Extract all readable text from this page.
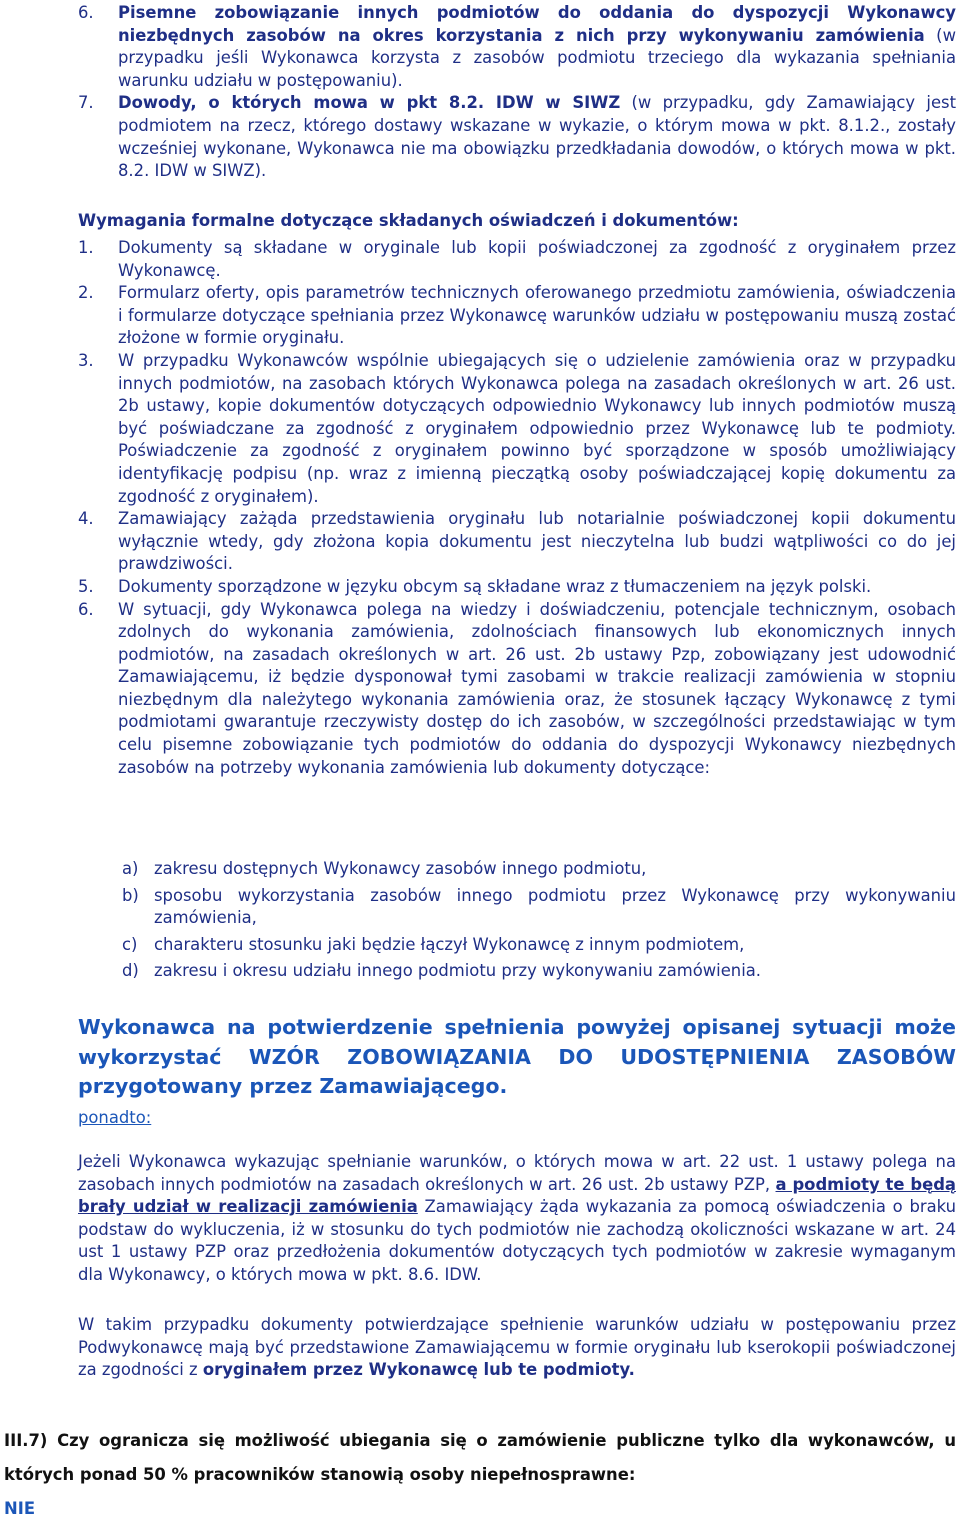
6. Pisemne zobowiązanie innych podmiotów do oddania do dyspozycji Wykonawcy niezbędnych zasobów na okres korzystania z nich przy wykonywaniu zamówienia (w przypadku jeśli Wykonawca korzysta z zasobów podmiotu trzeciego dla wykazania spełniania warunku udziału w postępowaniu).
7. Dowody, o których mowa w pkt 8.2. IDW w SIWZ (w przypadku, gdy Zamawiający jest podmiotem na rzecz, którego dostawy wskazane w wykazie, o którym mowa w pkt. 8.1.2., zostały wcześniej wykonane, Wykonawca nie ma obowiązku przedkładania dowodów, o których mowa w pkt. 8.2. IDW w SIWZ).
Wymagania formalne dotyczące składanych oświadczeń i dokumentów:
1. Dokumenty są składane w oryginale lub kopii poświadczonej za zgodność z oryginałem przez Wykonawcę.
2. Formularz oferty, opis parametrów technicznych oferowanego przedmiotu zamówienia, oświadczenia i formularze dotyczące spełniania przez Wykonawcę warunków udziału w postępowaniu muszą zostać złożone w formie oryginału.
3. W przypadku Wykonawców wspólnie ubiegających się o udzielenie zamówienia oraz w przypadku innych podmiotów, na zasobach których Wykonawca polega na zasadach określonych w art. 26 ust. 2b ustawy, kopie dokumentów dotyczących odpowiednio Wykonawcy lub innych podmiotów muszą być poświadczane za zgodność z oryginałem odpowiednio przez Wykonawcę lub te podmioty. Poświadczenie za zgodność z oryginałem powinno być sporządzone w sposób umożliwiający identyfikację podpisu (np. wraz z imienną pieczątką osoby poświadczającej kopię dokumentu za zgodność z oryginałem).
4. Zamawiający zażąda przedstawienia oryginału lub notarialnie poświadczonej kopii dokumentu wyłącznie wtedy, gdy złożona kopia dokumentu jest nieczytelna lub budzi wątpliwości co do jej prawdziwości.
5. Dokumenty sporządzone w języku obcym są składane wraz z tłumaczeniem na język polski.
6. W sytuacji, gdy Wykonawca polega na wiedzy i doświadczeniu, potencjale technicznym, osobach zdolnych do wykonania zamówienia, zdolnościach finansowych lub ekonomicznych innych podmiotów, na zasadach określonych w art. 26 ust. 2b ustawy Pzp, zobowiązany jest udowodnić Zamawiającemu, iż będzie dysponował tymi zasobami w trakcie realizacji zamówienia w stopniu niezbędnym dla należytego wykonania zamówienia oraz, że stosunek łączący Wykonawcę z tymi podmiotami gwarantuje rzeczywisty dostęp do ich zasobów, w szczególności przedstawiając w tym celu pisemne zobowiązanie tych podmiotów do oddania do dyspozycji Wykonawcy niezbędnych zasobów na potrzeby wykonania zamówienia lub dokumenty dotyczące:
a) zakresu dostępnych Wykonawcy zasobów innego podmiotu,
b) sposobu wykorzystania zasobów innego podmiotu przez Wykonawcę przy wykonywaniu zamówienia,
c) charakteru stosunku jaki będzie łączył Wykonawcę z innym podmiotem,
d) zakresu i okresu udziału innego podmiotu przy wykonywaniu zamówienia.
Wykonawca na potwierdzenie spełnienia powyżej opisanej sytuacji może wykorzystać WZÓR ZOBOWIĄZANIA DO UDOSTĘPNIENIA ZASOBÓW przygotowany przez Zamawiającego.
ponadto:
Jeżeli Wykonawca wykazując spełnianie warunków, o których mowa w art. 22 ust. 1 ustawy polega na zasobach innych podmiotów na zasadach określonych w art. 26 ust. 2b ustawy PZP, a podmioty te będą brały udział w realizacji zamówienia Zamawiający żąda wykazania za pomocą oświadczenia o braku podstaw do wykluczenia, iż w stosunku do tych podmiotów nie zachodzą okoliczności wskazane w art. 24 ust 1 ustawy PZP oraz przedłożenia dokumentów dotyczących tych podmiotów w zakresie wymaganym dla Wykonawcy, o których mowa w pkt. 8.6. IDW.
W takim przypadku dokumenty potwierdzające spełnienie warunków udziału w postępowaniu przez Podwykonawcę mają być przedstawione Zamawiającemu w formie oryginału lub kserokopii poświadczonej za zgodności z oryginałem przez Wykonawcę lub te podmioty.
III.7) Czy ogranicza się możliwość ubiegania się o zamówienie publiczne tylko dla wykonawców, u których ponad 50 % pracowników stanowią osoby niepełnosprawne:
NIE
